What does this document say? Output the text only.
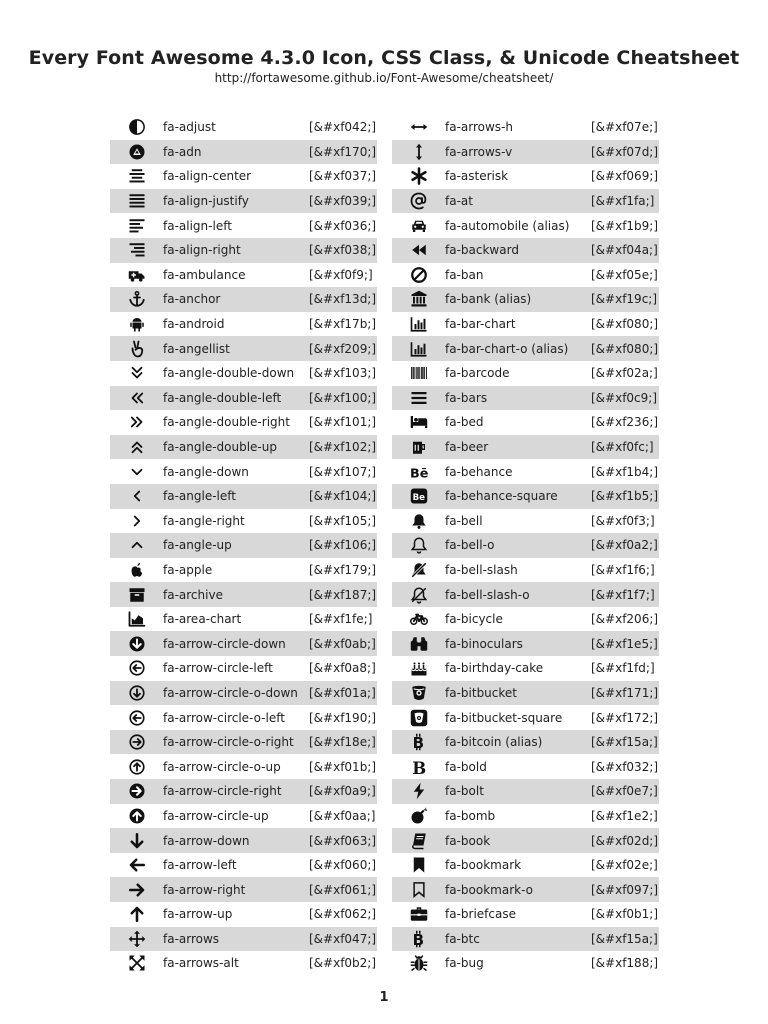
Every Font Awesome 4.3.0 Icon, CSS Class, & Unicode Cheatsheet
http://fortawesome.github.io/Font-Awesome/cheatsheet/
fa-adjust	[&#xf042;]
fa-adn	[&#xf170;]
fa-align-center	[&#xf037;]
fa-align-justify	[&#xf039;]
fa-align-left	[&#xf036;]
fa-align-right	[&#xf038;]
fa-ambulance	[&#xf0f9;]
fa-anchor	[&#xf13d;]
fa-android	[&#xf17b;]
fa-angellist	[&#xf209;]
fa-angle-double-down	[&#xf103;]
fa-angle-double-left	[&#xf100;]
fa-angle-double-right	[&#xf101;]
fa-angle-double-up	[&#xf102;]
fa-angle-down	[&#xf107;]
fa-angle-left	[&#xf104;]
fa-angle-right	[&#xf105;]
fa-angle-up	[&#xf106;]
fa-apple	[&#xf179;]
fa-archive	[&#xf187;]
fa-area-chart	[&#xf1fe;]
fa-arrow-circle-down	[&#xf0ab;]
fa-arrow-circle-left	[&#xf0a8;]
fa-arrow-circle-o-down [&#xf01a;]
fa-arrow-circle-o-left	[&#xf190;]
fa-arrow-circle-o-right	[&#xf18e;]
fa-arrow-circle-o-up	[&#xf01b;]
fa-arrow-circle-right	[&#xf0a9;]
fa-arrow-circle-up	[&#xf0aa;]
fa-arrow-down	[&#xf063;]
fa-arrow-left	[&#xf060;]
fa-arrow-right	[&#xf061;]
fa-arrow-up	[&#xf062;]
fa-arrows	[&#xf047;]
fa-arrows-alt	[&#xf0b2;]
fa-arrows-h	[&#xf07e;]
fa-arrows-v	[&#xf07d;]
fa-asterisk	[&#xf069;]
fa-at	[&#xf1fa;]
fa-automobile (alias)	[&#xf1b9;]
fa-backward	[&#xf04a;]
fa-ban	[&#xf05e;]
fa-bank (alias)	[&#xf19c;]
fa-bar-chart	[&#xf080;]
fa-bar-chart-o (alias)	[&#xf080;]
fa-barcode	[&#xf02a;]
fa-bars	[&#xf0c9;]
fa-bed	[&#xf236;]
fa-beer	[&#xf0fc;]
Bē	fa-behance	[&#xf1b4;]
Be	fa-behance-square	[&#xf1b5;]
fa-bell	[&#xf0f3;]
fa-bell-o	[&#xf0a2;]
fa-bell-slash	[&#xf1f6;]
fa-bell-slash-o	[&#xf1f7;]
fa-bicycle	[&#xf206;]
fa-binoculars	[&#xf1e5;]
fa-birthday-cake	[&#xf1fd;]
fa-bitbucket	[&#xf171;]
fa-bitbucket-square	[&#xf172;]
B	fa-bitcoin (alias)	[&#xf15a;]
B	fa-bold	[&#xf032;]
fa-bolt	[&#xf0e7;]
fa-bomb	[&#xf1e2;]
fa-book	[&#xf02d;]
fa-bookmark	[&#xf02e;]
fa-bookmark-o	[&#xf097;]
fa-briefcase	[&#xf0b1;]
B	fa-btc	[&#xf15a;]
fa-bug	[&#xf188;]
1
